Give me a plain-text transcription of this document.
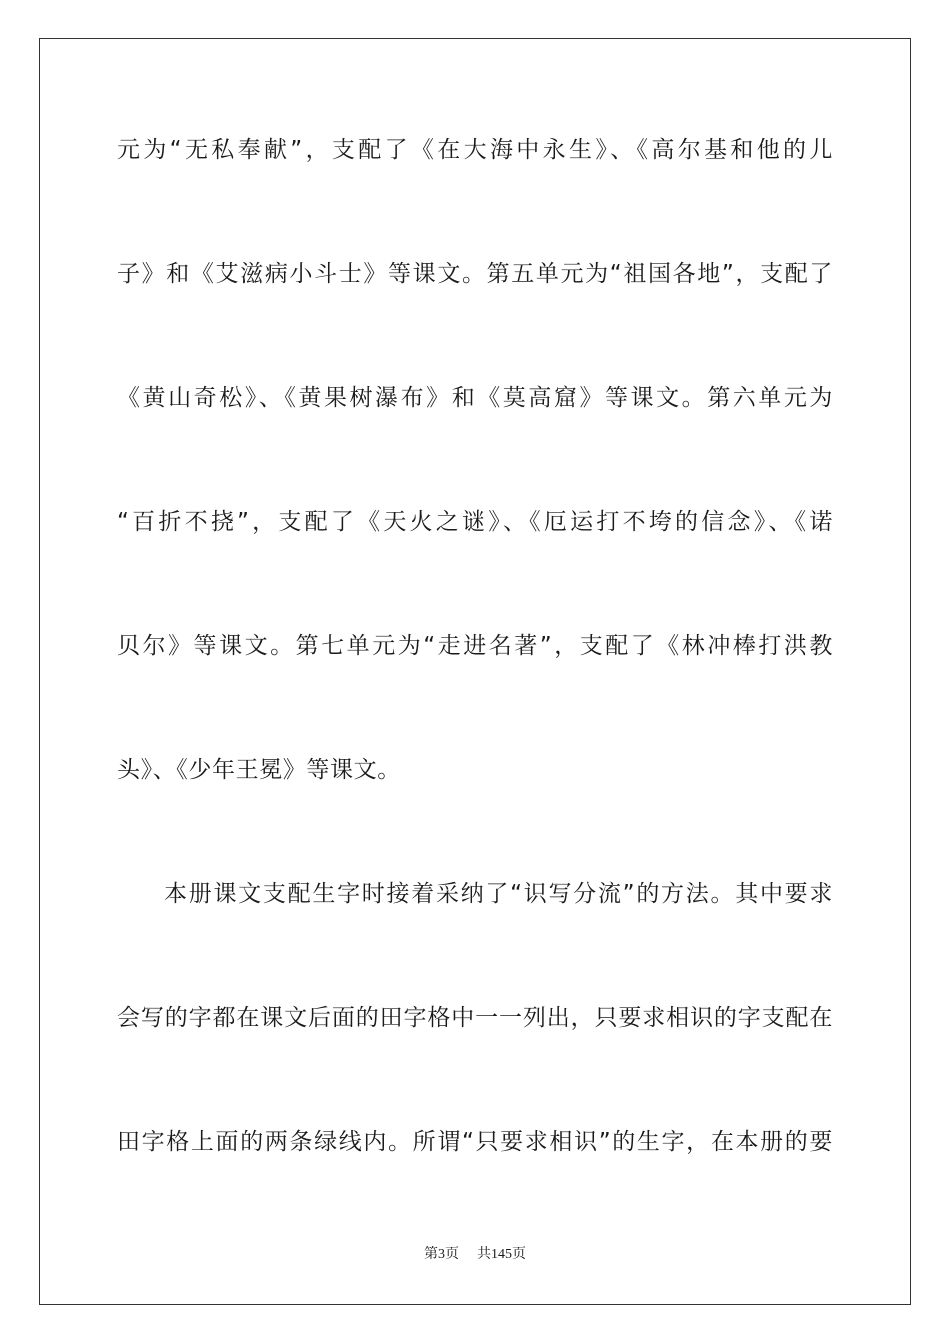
元为“无私奉献”，支配了《在大海中永生》、《高尔基和他的儿
子》和《艾滋病小斗士》等课文。第五单元为“祖国各地”，支配了
《黄山奇松》、《黄果树瀑布》和《莫高窟》等课文。第六单元为
“百折不挠”，支配了《天火之谜》、《厄运打不垮的信念》、《诺
贝尔》等课文。第七单元为“走进名著”，支配了《林冲棒打洪教
头》、《少年王冕》等课文。
本册课文支配生字时接着采纳了“识写分流”的方法。其中要求
会写的字都在课文后面的田字格中一一列出，只要求相识的字支配在
田字格上面的两条绿线内。所谓“只要求相识”的生字，在本册的要
第3页 共145页
